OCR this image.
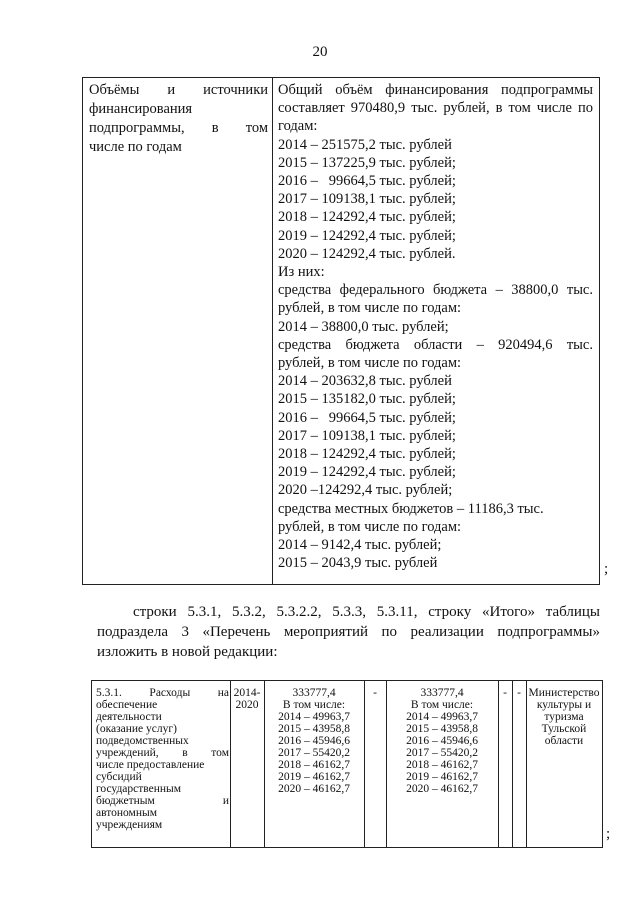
20
Объёмы и источники
финансирования
подпрограммы, в том
числе по годам
Общий объём финансирования подпрограммы
составляет 970480,9 тыс. рублей, в том числе по
годам:
2014 – 251575,2 тыс. рублей
2015 – 137225,9 тыс. рублей;
2016 –   99664,5 тыс. рублей;
2017 – 109138,1 тыс. рублей;
2018 – 124292,4 тыс. рублей;
2019 – 124292,4 тыс. рублей;
2020 – 124292,4 тыс. рублей.
Из них:
средства федерального бюджета – 38800,0 тыс.
рублей, в том числе по годам:
2014 – 38800,0 тыс. рублей;
средства бюджета области – 920494,6 тыс.
рублей, в том числе по годам:
2014 – 203632,8 тыс. рублей
2015 – 135182,0 тыс. рублей;
2016 –   99664,5 тыс. рублей;
2017 – 109138,1 тыс. рублей;
2018 – 124292,4 тыс. рублей;
2019 – 124292,4 тыс. рублей;
2020 –124292,4 тыс. рублей;
средства местных бюджетов – 11186,3 тыс.
рублей, в том числе по годам:
2014 – 9142,4 тыс. рублей;
2015 – 2043,9 тыс. рублей	;
строки 5.3.1, 5.3.2, 5.3.2.2, 5.3.3, 5.3.11, строку «Итого» таблицы
подраздела 3 «Перечень мероприятий по реализации подпрограммы»
изложить в новой редакции:
5.3.1. Расходы на
обеспечение
деятельности
(оказание услуг)
подведомственных
учреждений, в том
числе предоставление
субсидий
государственным
бюджетным и
автономным
учреждениям
2014-
2020
333777,4
В том числе:
2014 – 49963,7
2015 – 43958,8
2016 – 45946,6
2017 – 55420,2
2018 – 46162,7
2019 – 46162,7
2020 – 46162,7
-	333777,4
В том числе:
2014 – 49963,7
2015 – 43958,8
2016 – 45946,6
2017 – 55420,2
2018 – 46162,7
2019 – 46162,7
2020 – 46162,7
- - Министерство
культуры и
туризма
Тульской
области
;
